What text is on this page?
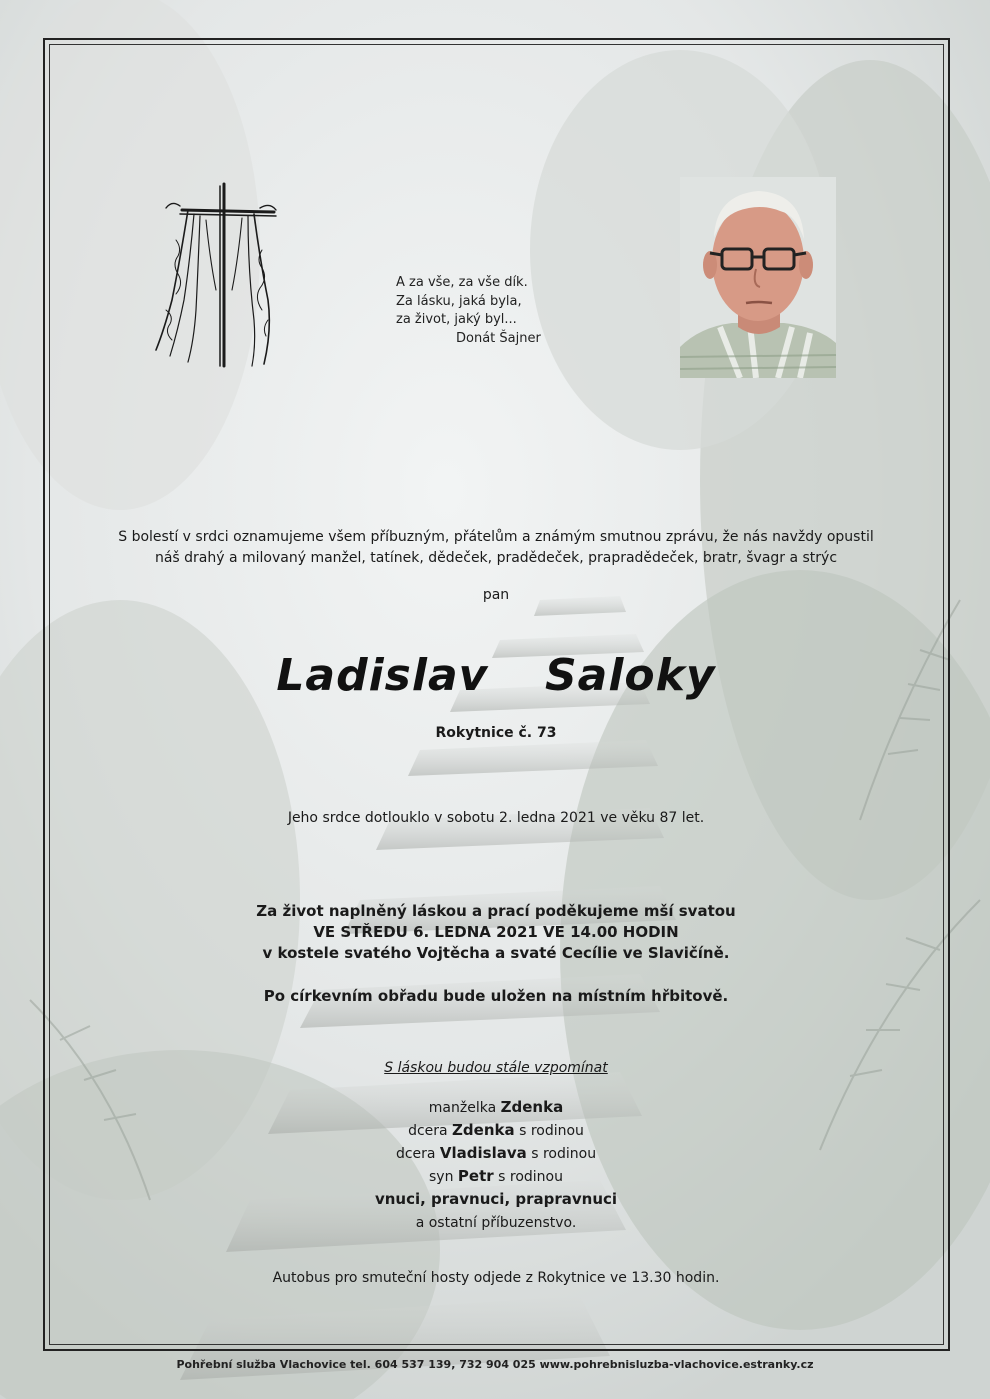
A za vše, za vše dík.
Za lásku, jaká byla,
za život, jaký byl...
Donát Šajner
S bolestí v srdci oznamujeme všem příbuzným, přátelům a známým smutnou zprávu, že nás navždy opustil
náš drahý a milovaný manžel, tatínek, dědeček, pradědeček, prapradědeček, bratr, švagr a strýc
pan
Ladislav  Saloky
Rokytnice č. 73
Jeho srdce dotlouklo v sobotu 2. ledna 2021 ve věku 87 let.
Za život naplněný láskou a prací poděkujeme mší svatou
VE STŘEDU 6. LEDNA 2021 VE 14.00 HODIN
v kostele svatého Vojtěcha a svaté Cecílie ve Slavičíně.
Po církevním obřadu bude uložen na místním hřbitově.
S láskou budou stále vzpomínat
manželka Zdenka
dcera Zdenka s rodinou
dcera Vladislava s rodinou
syn Petr s rodinou
vnuci, pravnuci, prapravnuci
a ostatní příbuzenstvo.
Autobus pro smuteční hosty odjede z Rokytnice ve 13.30 hodin.
Pohřební služba Vlachovice tel. 604 537 139, 732 904 025 www.pohrebnisluzba-vlachovice.estranky.cz
